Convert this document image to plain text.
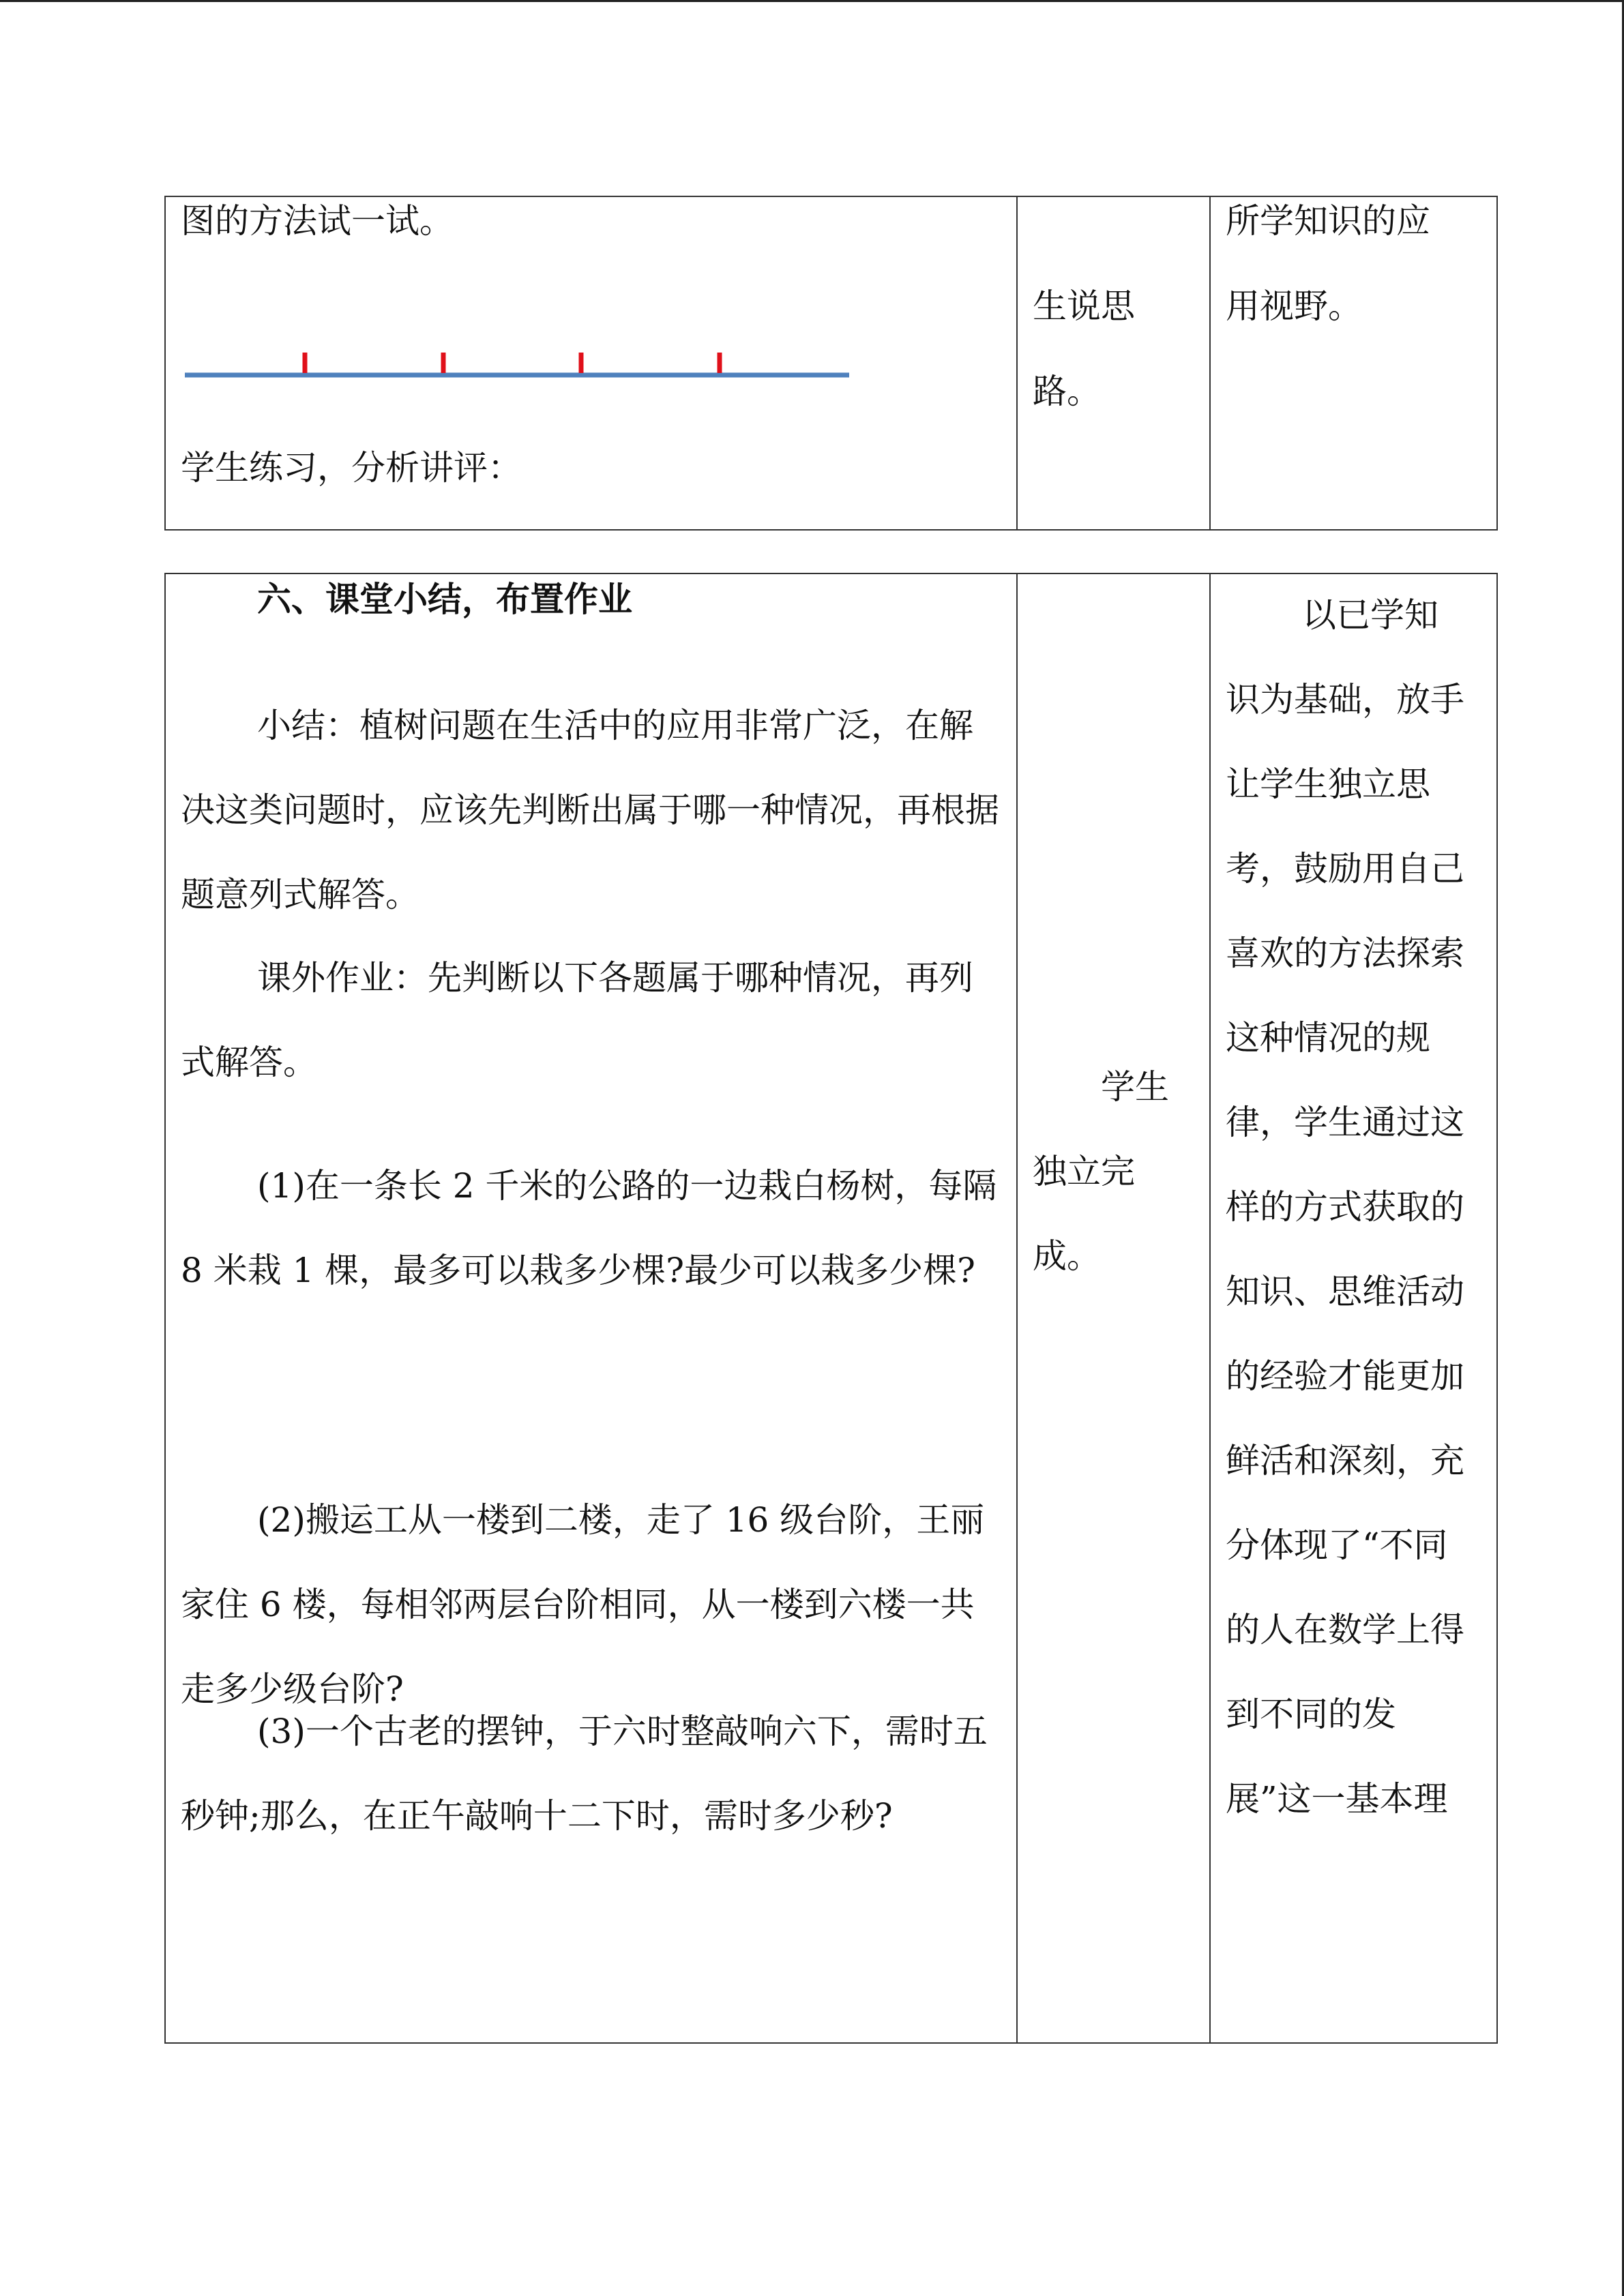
图的方法试一试。
学生练习，分析讲评：
生说思
路。
所学知识的应
用视野。
六、课堂小结，布置作业
小结：植树问题在生活中的应用非常广泛，在解决这类问题时，应该先判断出属于哪一种情况，再根据题意列式解答。
课外作业：先判断以下各题属于哪种情况，再列式解答。
(1)在一条长 2 千米的公路的一边栽白杨树，每隔 8 米栽 1 棵，最多可以栽多少棵?最少可以栽多少棵?
(2)搬运工从一楼到二楼，走了 16 级台阶，王丽家住 6 楼，每相邻两层台阶相同，从一楼到六楼一共走多少级台阶?
(3)一个古老的摆钟，于六时整敲响六下，需时五秒钟;那么，在正午敲响十二下时，需时多少秒?
学生独立完成。
以已学知识为基础，放手让学生独立思考，鼓励用自己喜欢的方法探索这种情况的规律，学生通过这样的方式获取的知识、思维活动的经验才能更加鲜活和深刻，充分体现了“不同的人在数学上得到不同的发展”这一基本理
